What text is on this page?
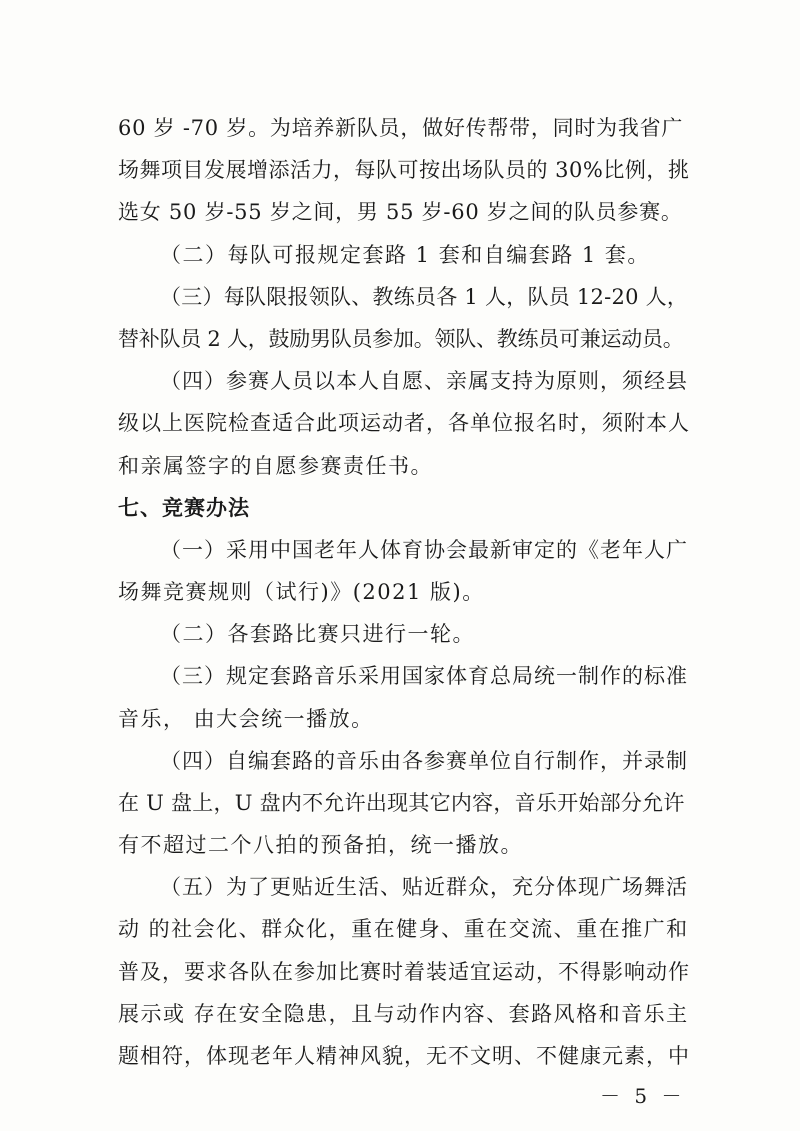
60 岁 -70 岁。为培养新队员，做好传帮带，同时为我省广
场舞项目发展增添活力，每队可按出场队员的 30%比例，挑
选女 50 岁-55 岁之间，男 55 岁-60 岁之间的队员参赛。
（二）每队可报规定套路 1 套和自编套路 1 套。
（三）每队限报领队、教练员各 1 人，队员 12-20 人，
替补队员 2 人，鼓励男队员参加。领队、教练员可兼运动员。
（四）参赛人员以本人自愿、亲属支持为原则，须经县
级以上医院检查适合此项运动者，各单位报名时，须附本人
和亲属签字的自愿参赛责任书。
七、竞赛办法
（一）采用中国老年人体育协会最新审定的《老年人广
场舞竞赛规则（试行)》(2021 版)。
（二）各套路比赛只进行一轮。
（三）规定套路音乐采用国家体育总局统一制作的标准
音乐， 由大会统一播放。
（四）自编套路的音乐由各参赛单位自行制作，并录制
在 U 盘上，U 盘内不允许出现其它内容，音乐开始部分允许
有不超过二个八拍的预备拍，统一播放。
（五）为了更贴近生活、贴近群众，充分体现广场舞活
动 的社会化、群众化，重在健身、重在交流、重在推广和
普及，要求各队在参加比赛时着装适宜运动，不得影响动作
展示或 存在安全隐患，且与动作内容、套路风格和音乐主
题相符，体现老年人精神风貌，无不文明、不健康元素，中
－ 5 －
